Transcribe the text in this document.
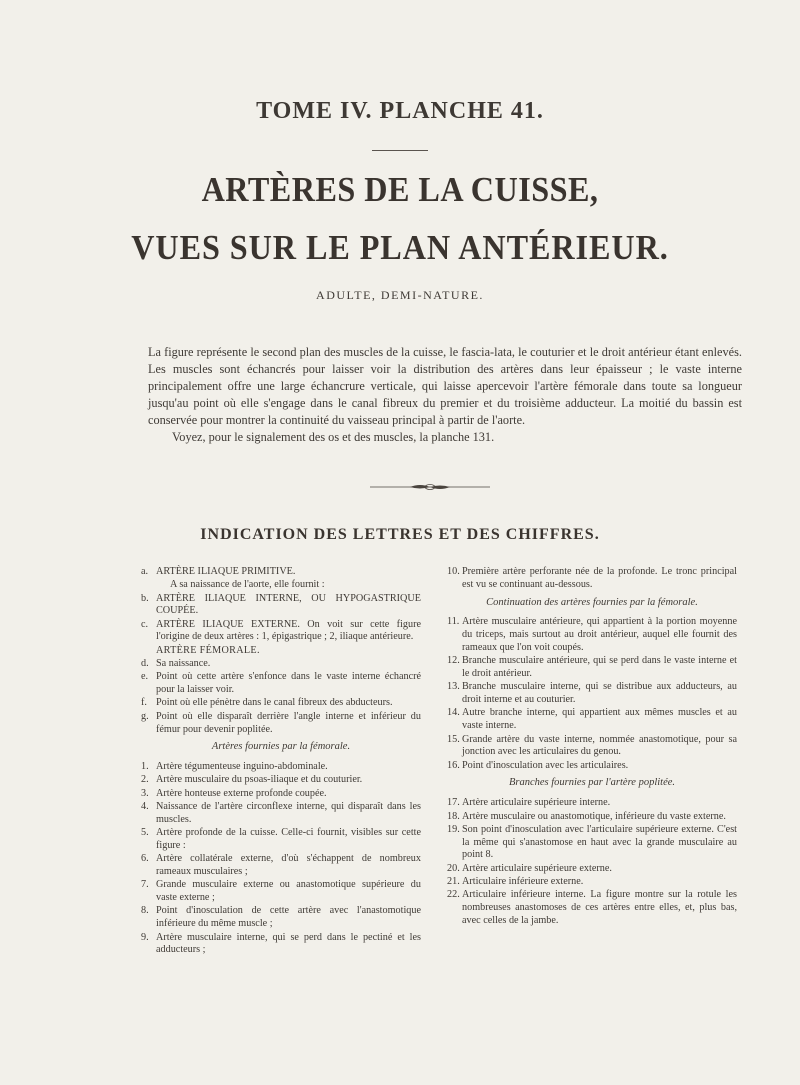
TOME IV. PLANCHE 41.
ARTÈRES DE LA CUISSE,
VUES SUR LE PLAN ANTÉRIEUR.
ADULTE, DEMI-NATURE.

La figure représente le second plan des muscles de la cuisse, le fascia-lata, le couturier et le droit antérieur étant enlevés. Les muscles sont échancrés pour laisser voir la distribution des artères dans leur épaisseur ; le vaste interne principalement offre une large échancrure verticale, qui laisse apercevoir l'artère fémorale dans toute sa longueur jusqu'au point où elle s'engage dans le canal fibreux du premier et du troisième adducteur. La moitié du bassin est conservée pour montrer la continuité du vaisseau principal à partir de l'aorte.

Voyez, pour le signalement des os et des muscles, la planche 131.

INDICATION DES LETTRES ET DES CHIFFRES.
a. ARTÈRE ILIAQUE PRIMITIVE.
A sa naissance de l'aorte, elle fournit :
b. ARTÈRE ILIAQUE INTERNE, OU HYPOGASTRIQUE COUPÉE.
c. ARTÈRE ILIAQUE EXTERNE. On voit sur cette figure l'origine de deux artères : 1, épigastrique ; 2, iliaque antérieure.
ARTÈRE FÉMORALE.
d. Sa naissance.
e. Point où cette artère s'enfonce dans le vaste interne échancré pour la laisser voir.
f. Point où elle pénètre dans le canal fibreux des abducteurs.
g. Point où elle disparaît derrière l'angle interne et inférieur du fémur pour devenir poplitée.
Artères fournies par la fémorale.
1. Artère tégumenteuse inguino-abdominale.
2. Artère musculaire du psoas-iliaque et du couturier.
3. Artère honteuse externe profonde coupée.
4. Naissance de l'artère circonflexe interne, qui disparaît dans les muscles.
5. Artère profonde de la cuisse. Celle-ci fournit, visibles sur cette figure :
6. Artère collatérale externe, d'où s'échappent de nombreux rameaux musculaires ;
7. Grande musculaire externe ou anastomotique supérieure du vaste externe ;
8. Point d'inosculation de cette artère avec l'anastomotique inférieure du même muscle ;
9. Artère musculaire interne, qui se perd dans le pectiné et les adducteurs ;
10. Première artère perforante née de la profonde. Le tronc principal est vu se continuant au-dessous.
Continuation des artères fournies par la fémorale.
11. Artère musculaire antérieure, qui appartient à la portion moyenne du triceps, mais surtout au droit antérieur, auquel elle fournit des rameaux que l'on voit coupés.
12. Branche musculaire antérieure, qui se perd dans le vaste interne et le droit antérieur.
13. Branche musculaire interne, qui se distribue aux adducteurs, au droit interne et au couturier.
14. Autre branche interne, qui appartient aux mêmes muscles et au vaste interne.
15. Grande artère du vaste interne, nommée anastomotique, pour sa jonction avec les articulaires du genou.
16. Point d'inosculation avec les articulaires.
Branches fournies par l'artère poplitée.
17. Artère articulaire supérieure interne.
18. Artère musculaire ou anastomotique, inférieure du vaste externe.
19. Son point d'inosculation avec l'articulaire supérieure externe. C'est la même qui s'anastomose en haut avec la grande musculaire au point 8.
20. Artère articulaire supérieure externe.
21. Articulaire inférieure externe.
22. Articulaire inférieure interne. La figure montre sur la rotule les nombreuses anastomoses de ces artères entre elles, et, plus bas, avec celles de la jambe.
